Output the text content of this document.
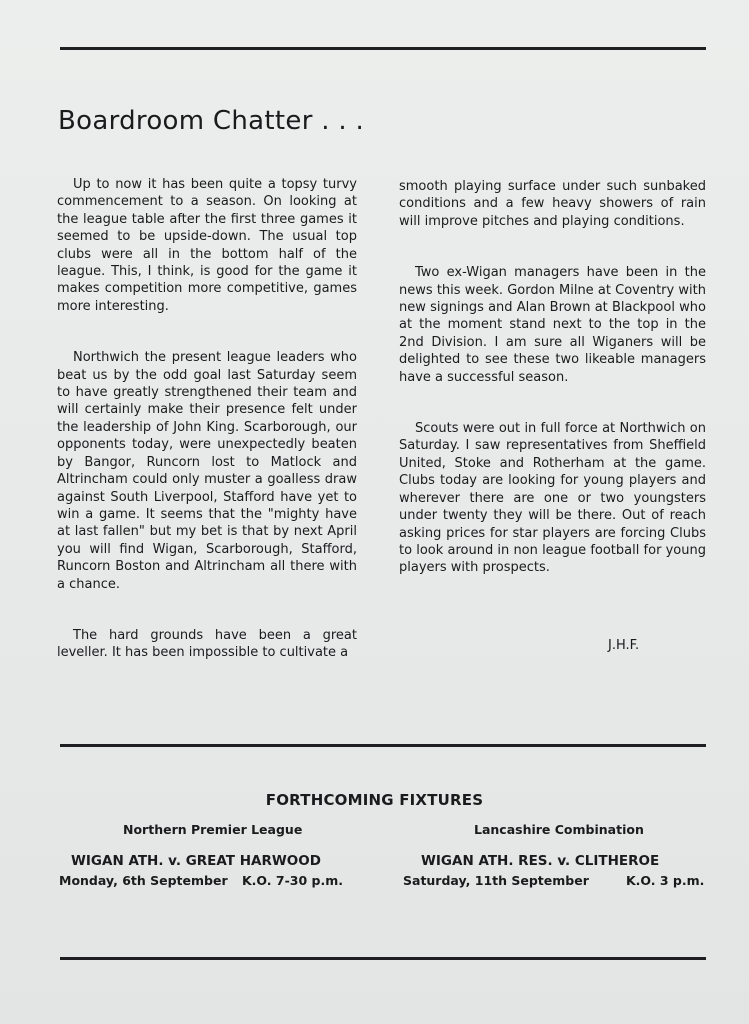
Boardroom Chatter . . .

Up to now it has been quite a topsy turvy commencement to a season. On looking at the league table after the first three games it seemed to be upside-down. The usual top clubs were all in the bottom half of the league. This, I think, is good for the game it makes competition more competitive, games more interesting.

Northwich the present league leaders who beat us by the odd goal last Saturday seem to have greatly strengthened their team and will certainly make their presence felt under the leadership of John King. Scarborough, our opponents today, were unexpectedly beaten by Bangor, Runcorn lost to Matlock and Altrincham could only muster a goalless draw against South Liverpool, Stafford have yet to win a game. It seems that the "mighty have at last fallen" but my bet is that by next April you will find Wigan, Scarborough, Stafford, Runcorn Boston and Altrincham all there with a chance.

The hard grounds have been a great leveller. It has been impossible to cultivate a

smooth playing surface under such sunbaked conditions and a few heavy showers of rain will improve pitches and playing conditions.

Two ex-Wigan managers have been in the news this week. Gordon Milne at Coventry with new signings and Alan Brown at Blackpool who at the moment stand next to the top in the 2nd Division. I am sure all Wiganers will be delighted to see these two likeable managers have a successful season.

Scouts were out in full force at Northwich on Saturday. I saw representatives from Sheffield United, Stoke and Rotherham at the game. Clubs today are looking for young players and wherever there are one or two youngsters under twenty they will be there. Out of reach asking prices for star players are forcing Clubs to look around in non league football for young players with prospects.

J.H.F.

FORTHCOMING FIXTURES
Northern Premier League
WIGAN ATH. v. GREAT HARWOOD
Monday, 6th September K.O. 7-30 p.m.
Lancashire Combination
WIGAN ATH. RES. v. CLITHEROE
Saturday, 11th September	K.O. 3 p.m.
